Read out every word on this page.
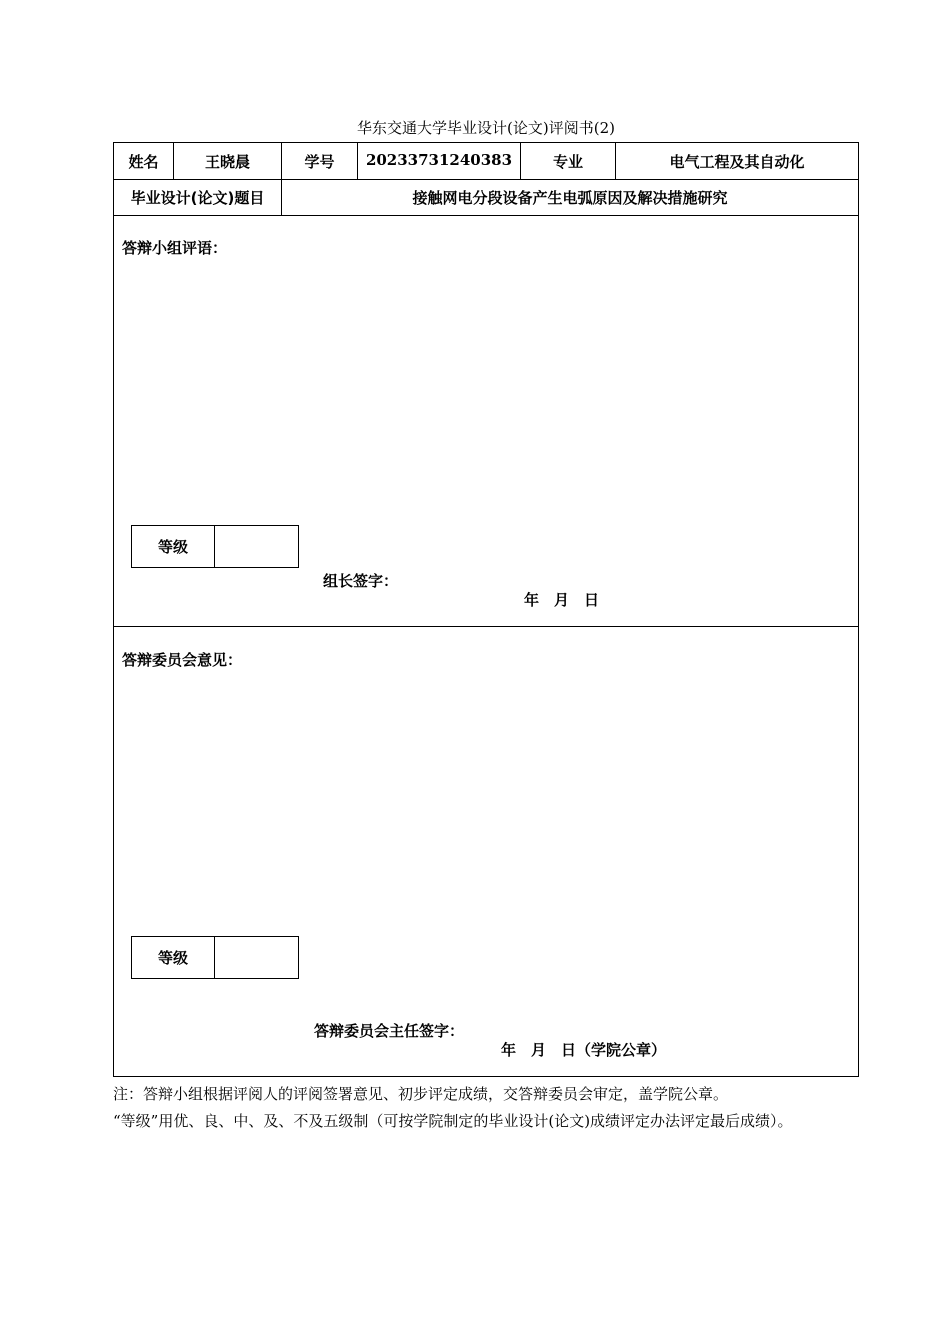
华东交通大学毕业设计(论文)评阅书(2)
姓名	王晓晨	学号	20233731240383	专业	电气工程及其自动化
毕业设计(论文)题目	接触网电分段设备产生电弧原因及解决措施研究
答辩小组评语：
等级
组长签字：
年　月　日
答辩委员会意见：
等级
答辩委员会主任签字：
年　月　日（学院公章）
注：答辩小组根据评阅人的评阅签署意见、初步评定成绩，交答辩委员会审定，盖学院公章。
“等级”用优、良、中、及、不及五级制（可按学院制定的毕业设计(论文)成绩评定办法评定最后成绩）。
